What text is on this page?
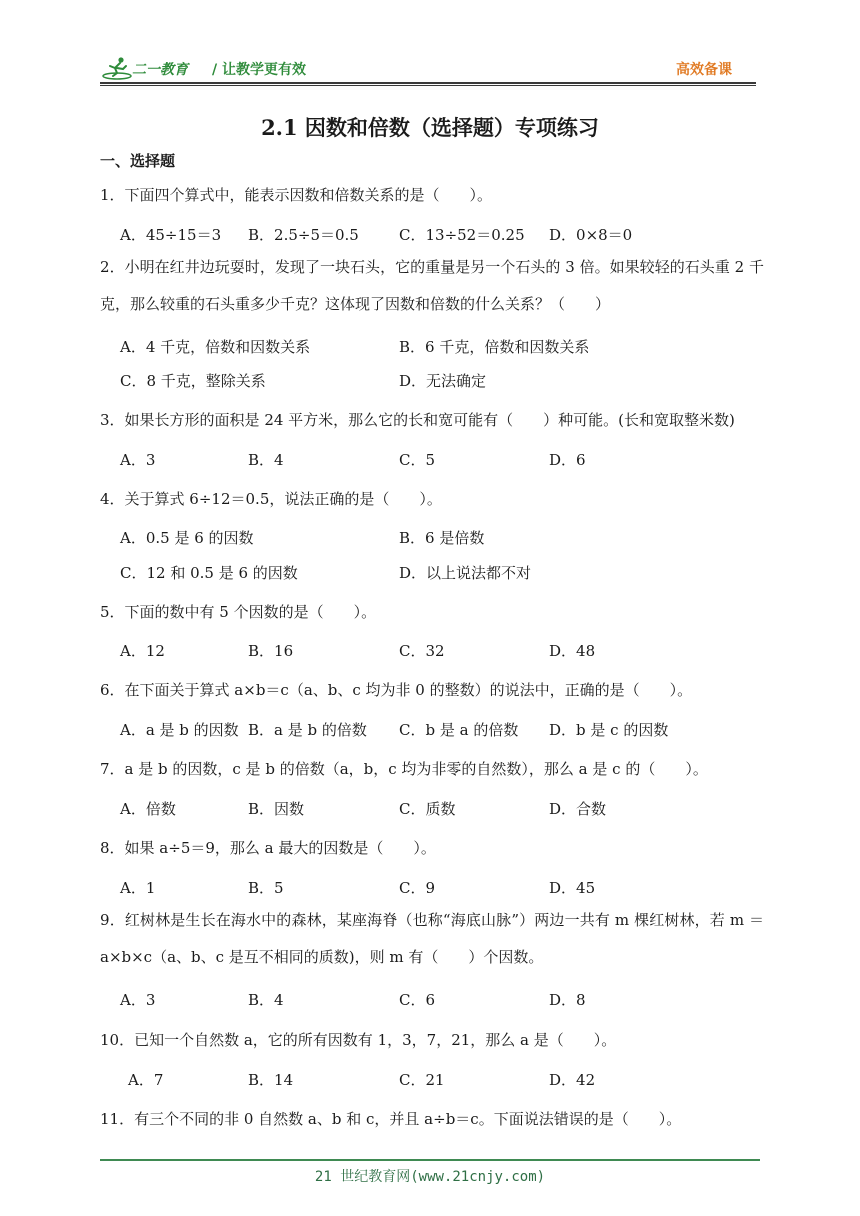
二一教育 / 让教学更有效	高效备课
2.1 因数和倍数（选择题）专项练习
一、选择题
1．下面四个算式中，能表示因数和倍数关系的是（　　）。
A．45÷15＝3 B．2.5÷5＝0.5	C．13÷52＝0.25 D．0×8＝0
2．小明在红井边玩耍时，发现了一块石头，它的重量是另一个石头的 3 倍。如果较轻的石头重 2 千克，那么较重的石头重多少千克？这体现了因数和倍数的什么关系？（　　）
A．4 千克，倍数和因数关系	B．6 千克，倍数和因数关系
C．8 千克，整除关系	D．无法确定
3．如果长方形的面积是 24 平方米，那么它的长和宽可能有（　　）种可能。(长和宽取整米数)
A．3	B．4	C．5	D．6
4．关于算式 6÷12＝0.5，说法正确的是（　　）。
A．0.5 是 6 的因数	B．6 是倍数
C．12 和 0.5 是 6 的因数	D．以上说法都不对
5．下面的数中有 5 个因数的是（　　）。
A．12	B．16	C．32	D．48
6．在下面关于算式 a×b＝c（a、b、c 均为非 0 的整数）的说法中，正确的是（　　）。
A．a 是 b 的因数 B．a 是 b 的倍数 C．b 是 a 的倍数 D．b 是 c 的因数
7．a 是 b 的因数，c 是 b 的倍数（a，b，c 均为非零的自然数），那么 a 是 c 的（　　）。
A．倍数	B．因数	C．质数	D．合数
8．如果 a÷5＝9，那么 a 最大的因数是（　　）。
A．1	B．5	C．9	D．45
9．红树林是生长在海水中的森林，某座海脊（也称“海底山脉”）两边一共有 m 棵红树林，若 m ＝a×b×c（a、b、c 是互不相同的质数)，则 m 有（　　）个因数。
A．3	B．4	C．6	D．8
10．已知一个自然数 a，它的所有因数有 1，3，7，21，那么 a 是（　　）。
A．7	B．14	C．21	D．42
11．有三个不同的非 0 自然数 a、b 和 c，并且 a÷b＝c。下面说法错误的是（　　）。
21 世纪教育网(www.21cnjy.com)
